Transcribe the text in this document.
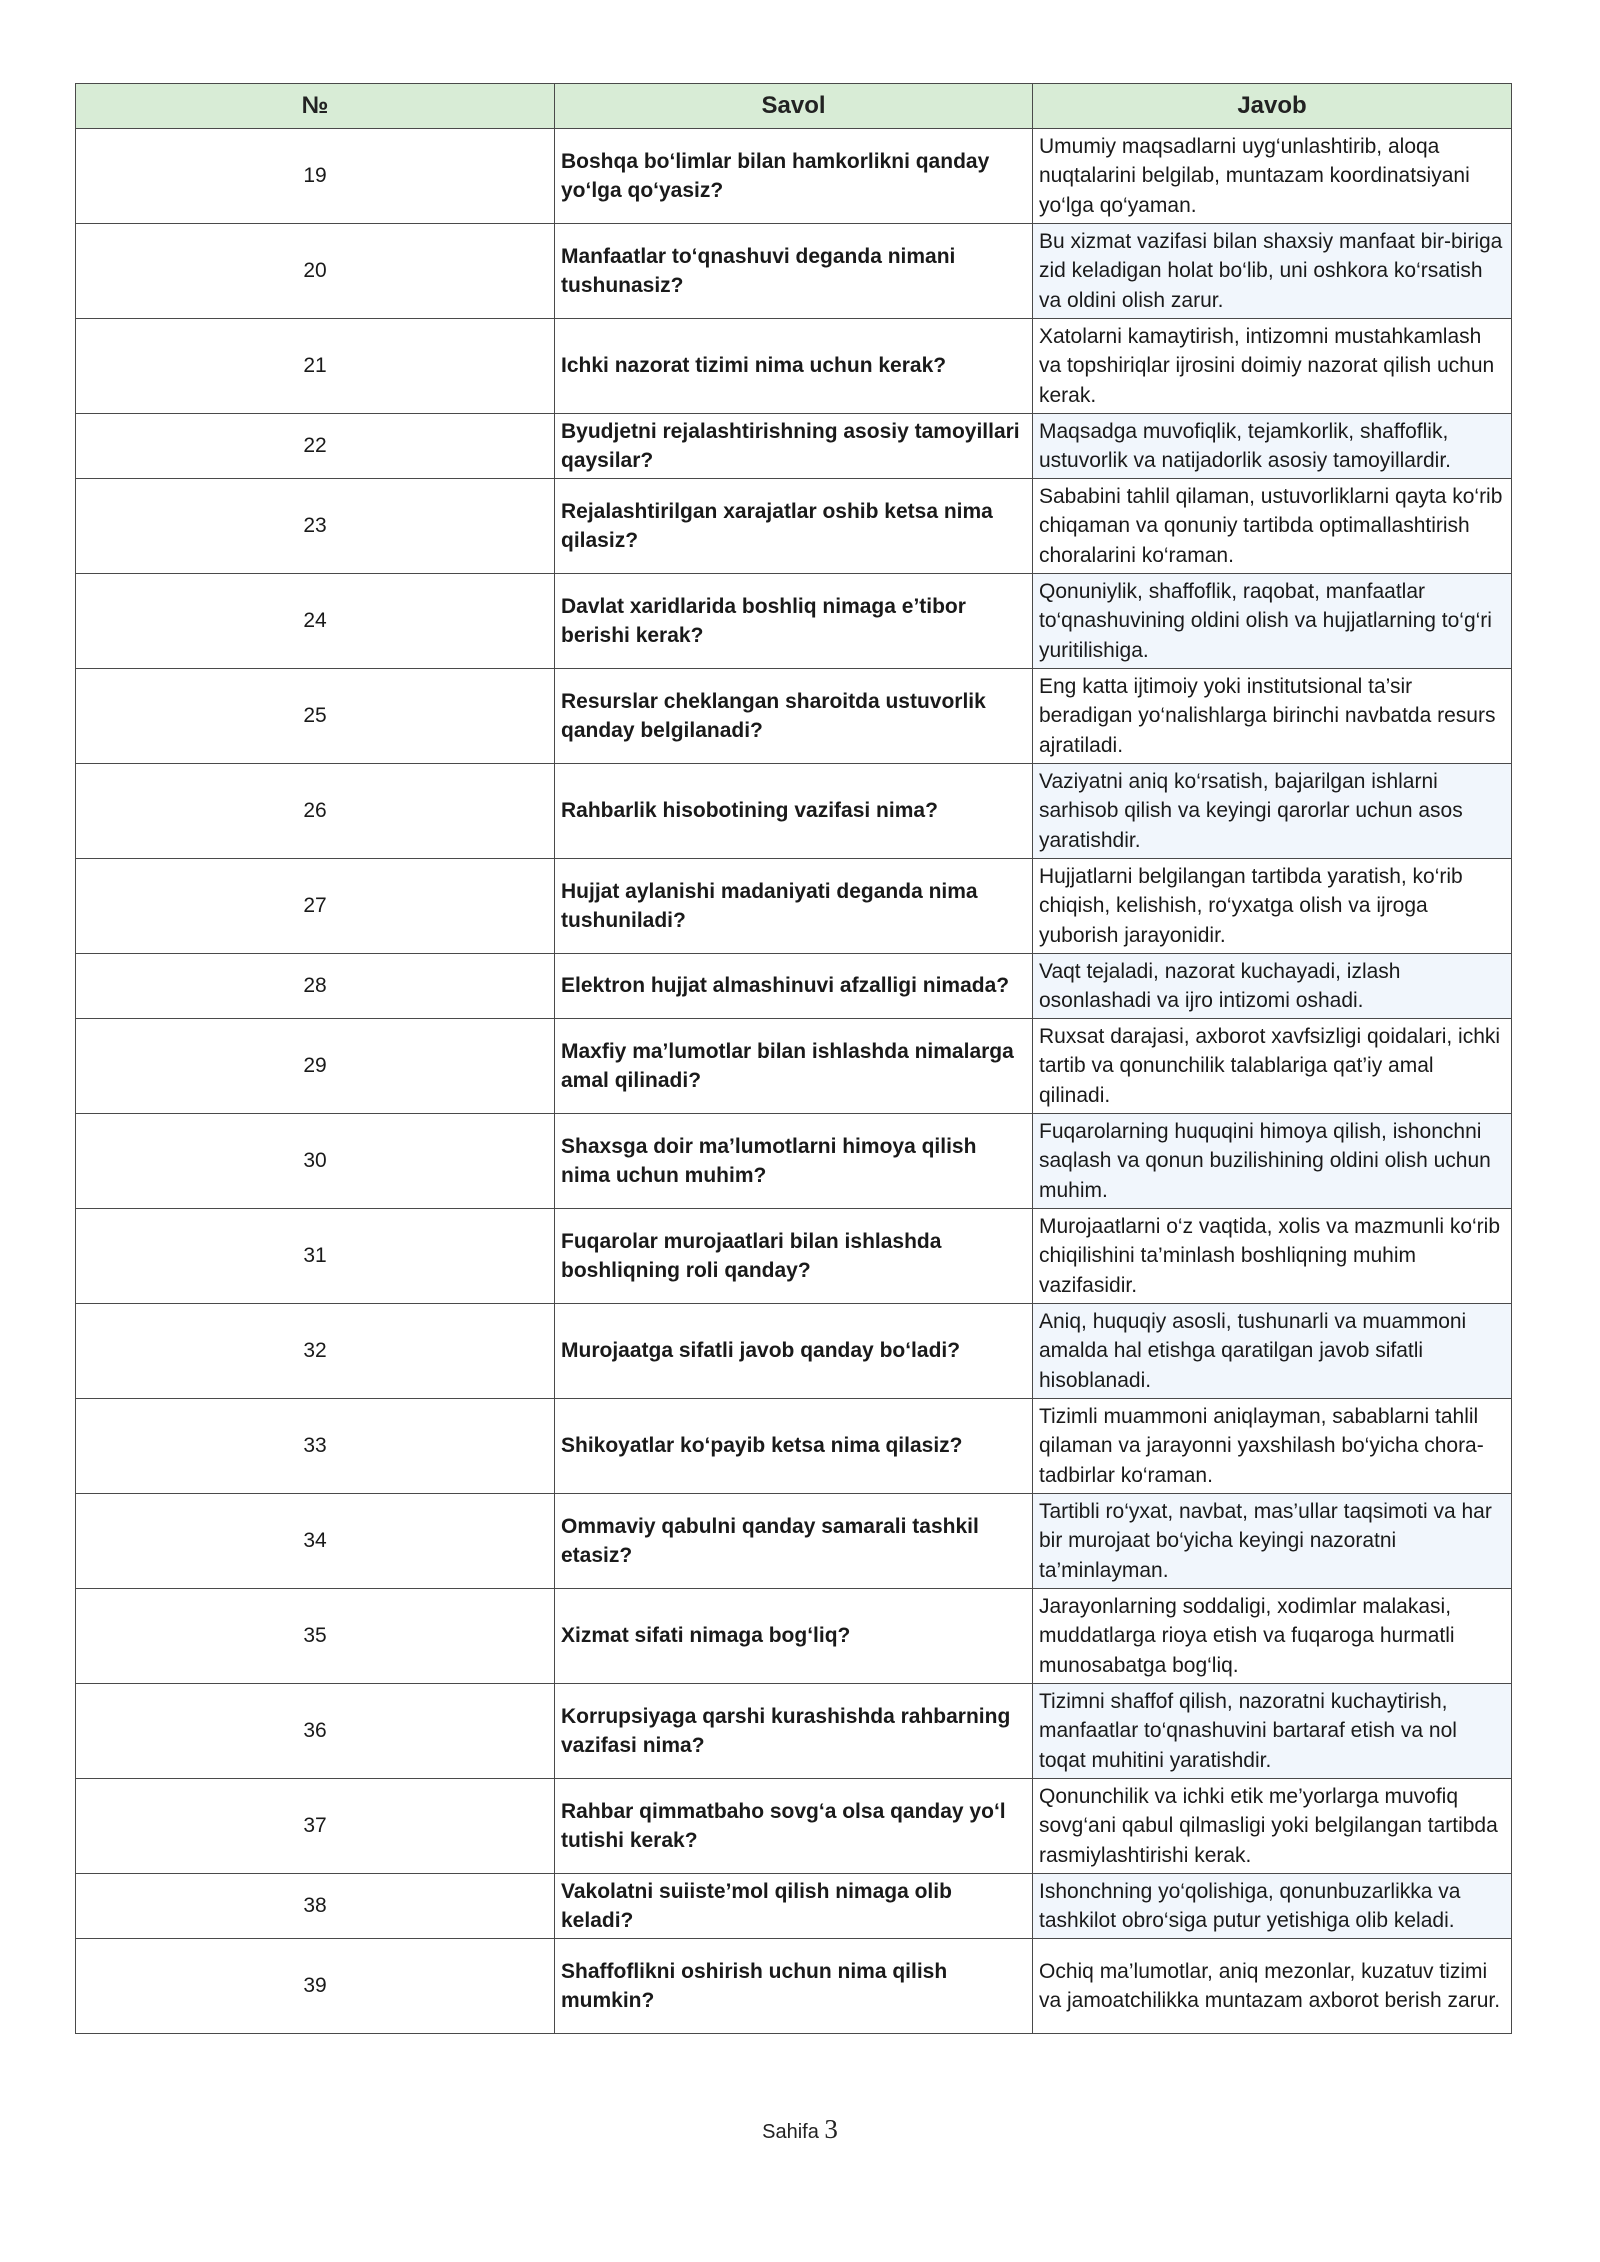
№	Savol	Javob
19	Boshqa bo‘limlar bilan hamkorlikni qanday yo‘lga qo‘yasiz?	Umumiy maqsadlarni uyg‘unlashtirib, aloqa nuqtalarini belgilab, muntazam koordinatsiyani yo‘lga qo‘yaman.
20	Manfaatlar to‘qnashuvi deganda nimani tushunasiz?	Bu xizmat vazifasi bilan shaxsiy manfaat bir-biriga zid keladigan holat bo‘lib, uni oshkora ko‘rsatish va oldini olish zarur.
21	Ichki nazorat tizimi nima uchun kerak?	Xatolarni kamaytirish, intizomni mustahkamlash va topshiriqlar ijrosini doimiy nazorat qilish uchun kerak.
22	Byudjetni rejalashtirishning asosiy tamoyillari qaysilar?	Maqsadga muvofiqlik, tejamkorlik, shaffoflik, ustuvorlik va natijadorlik asosiy tamoyillardir.
23	Rejalashtirilgan xarajatlar oshib ketsa nima qilasiz?	Sababini tahlil qilaman, ustuvorliklarni qayta ko‘rib chiqaman va qonuniy tartibda optimallashtirish choralarini ko‘raman.
24	Davlat xaridlarida boshliq nimaga e’tibor berishi kerak?	Qonuniylik, shaffoflik, raqobat, manfaatlar to‘qnashuvining oldini olish va hujjatlarning to‘g‘ri yuritilishiga.
25	Resurslar cheklangan sharoitda ustuvorlik qanday belgilanadi?	Eng katta ijtimoiy yoki institutsional ta’sir beradigan yo‘nalishlarga birinchi navbatda resurs ajratiladi.
26	Rahbarlik hisobotining vazifasi nima?	Vaziyatni aniq ko‘rsatish, bajarilgan ishlarni sarhisob qilish va keyingi qarorlar uchun asos yaratishdir.
27	Hujjat aylanishi madaniyati deganda nima tushuniladi?	Hujjatlarni belgilangan tartibda yaratish, ko‘rib chiqish, kelishish, ro‘yxatga olish va ijroga yuborish jarayonidir.
28	Elektron hujjat almashinuvi afzalligi nimada?	Vaqt tejaladi, nazorat kuchayadi, izlash osonlashadi va ijro intizomi oshadi.
29	Maxfiy ma’lumotlar bilan ishlashda nimalarga amal qilinadi?	Ruxsat darajasi, axborot xavfsizligi qoidalari, ichki tartib va qonunchilik talablariga qat’iy amal qilinadi.
30	Shaxsga doir ma’lumotlarni himoya qilish nima uchun muhim?	Fuqarolarning huquqini himoya qilish, ishonchni saqlash va qonun buzilishining oldini olish uchun muhim.
31	Fuqarolar murojaatlari bilan ishlashda boshliqning roli qanday?	Murojaatlarni o‘z vaqtida, xolis va mazmunli ko‘rib chiqilishini ta’minlash boshliqning muhim vazifasidir.
32	Murojaatga sifatli javob qanday bo‘ladi?	Aniq, huquqiy asosli, tushunarli va muammoni amalda hal etishga qaratilgan javob sifatli hisoblanadi.
33	Shikoyatlar ko‘payib ketsa nima qilasiz?	Tizimli muammoni aniqlayman, sabablarni tahlil qilaman va jarayonni yaxshilash bo‘yicha chora-tadbirlar ko‘raman.
34	Ommaviy qabulni qanday samarali tashkil etasiz?	Tartibli ro‘yxat, navbat, mas’ullar taqsimoti va har bir murojaat bo‘yicha keyingi nazoratni ta’minlayman.
35	Xizmat sifati nimaga bog‘liq?	Jarayonlarning soddaligi, xodimlar malakasi, muddatlarga rioya etish va fuqaroga hurmatli munosabatga bog‘liq.
36	Korrupsiyaga qarshi kurashishda rahbarning vazifasi nima?	Tizimni shaffof qilish, nazoratni kuchaytirish, manfaatlar to‘qnashuvini bartaraf etish va nol toqat muhitini yaratishdir.
37	Rahbar qimmatbaho sovg‘a olsa qanday yo‘l tutishi kerak?	Qonunchilik va ichki etik me’yorlarga muvofiq sovg‘ani qabul qilmasligi yoki belgilangan tartibda rasmiylashtirishi kerak.
38	Vakolatni suiiste’mol qilish nimaga olib keladi?	Ishonchning yo‘qolishiga, qonunbuzarlikka va tashkilot obro‘siga putur yetishiga olib keladi.
39	Shaffoflikni oshirish uchun nima qilish mumkin?	Ochiq ma’lumotlar, aniq mezonlar, kuzatuv tizimi va jamoatchilikka muntazam axborot berish zarur.
Sahifa 3
